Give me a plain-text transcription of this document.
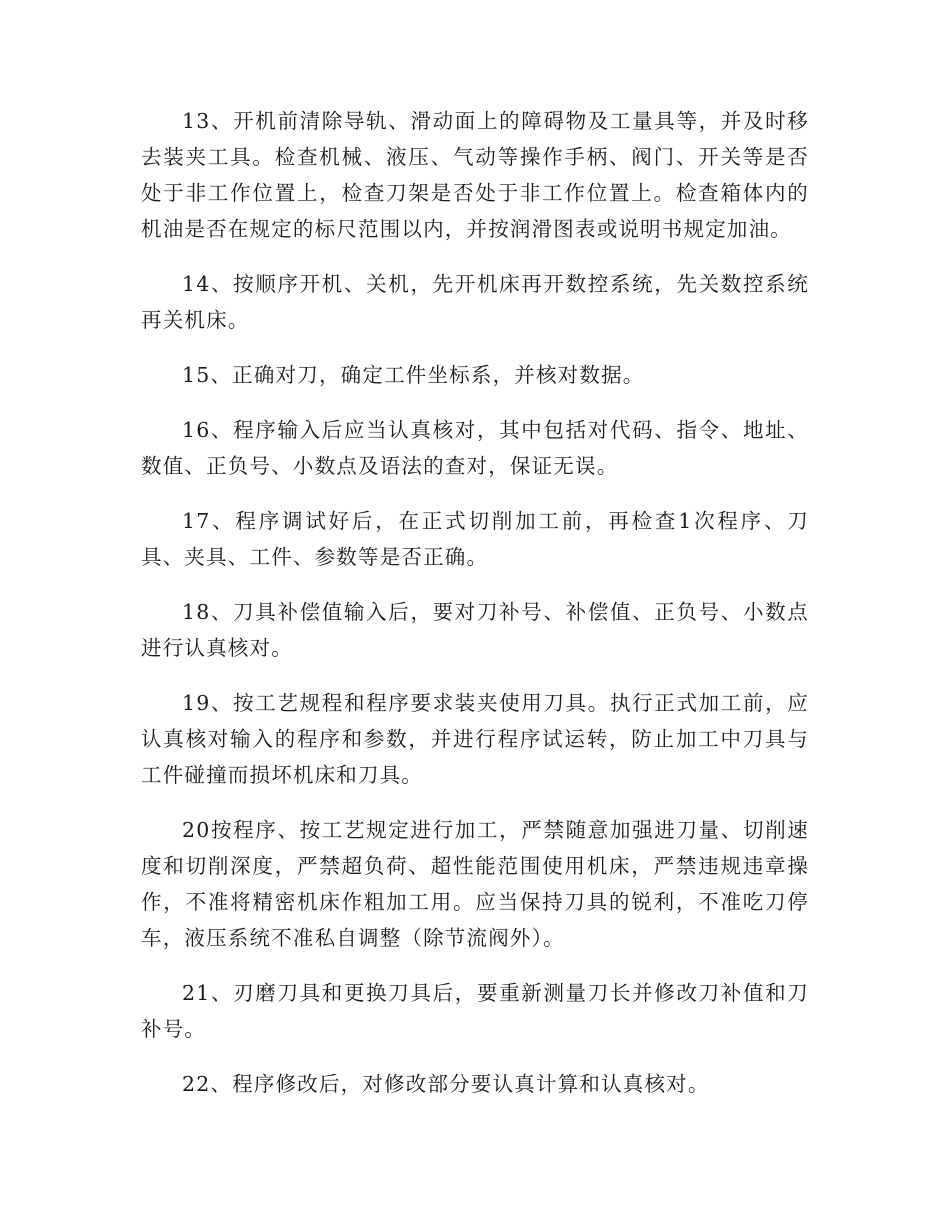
13、开机前清除导轨、滑动面上的障碍物及工量具等，并及时移去装夹工具。检查机械、液压、气动等操作手柄、阀门、开关等是否处于非工作位置上，检查刀架是否处于非工作位置上。检查箱体内的机油是否在规定的标尺范围以内，并按润滑图表或说明书规定加油。

14、按顺序开机、关机，先开机床再开数控系统，先关数控系统再关机床。

15、正确对刀，确定工件坐标系，并核对数据。

16、程序输入后应当认真核对，其中包括对代码、指令、地址、数值、正负号、小数点及语法的查对，保证无误。

17、程序调试好后，在正式切削加工前，再检查1次程序、刀具、夹具、工件、参数等是否正确。

18、刀具补偿值输入后，要对刀补号、补偿值、正负号、小数点进行认真核对。

19、按工艺规程和程序要求装夹使用刀具。执行正式加工前，应认真核对输入的程序和参数，并进行程序试运转，防止加工中刀具与工件碰撞而损坏机床和刀具。

20按程序、按工艺规定进行加工，严禁随意加强进刀量、切削速度和切削深度，严禁超负荷、超性能范围使用机床，严禁违规违章操作，不准将精密机床作粗加工用。应当保持刀具的锐利，不准吃刀停车，液压系统不准私自调整（除节流阀外）。

21、刃磨刀具和更换刀具后，要重新测量刀长并修改刀补值和刀补号。

22、程序修改后，对修改部分要认真计算和认真核对。
